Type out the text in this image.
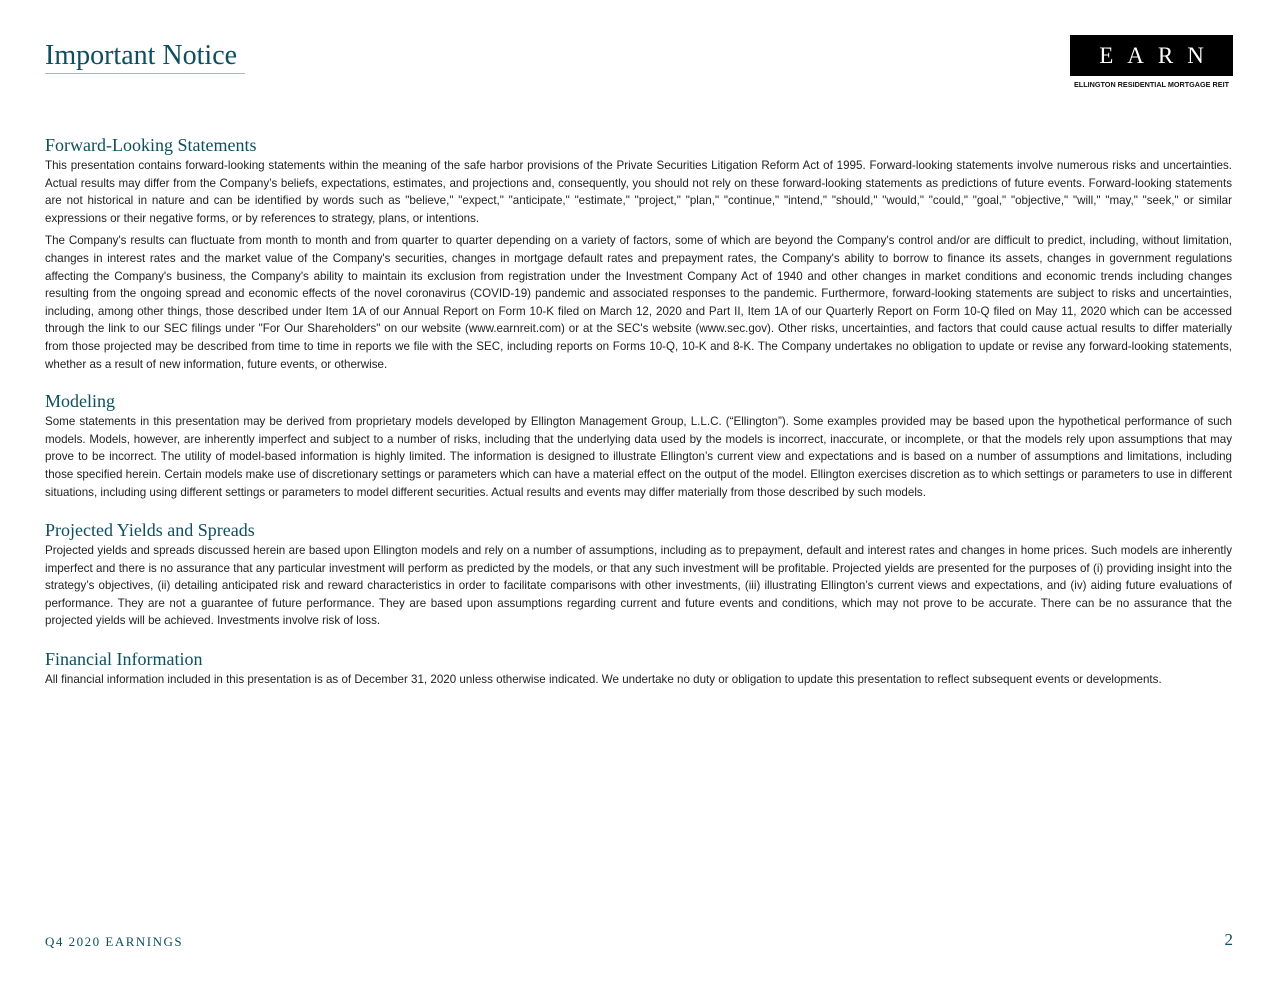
Important Notice	EARN
ELLINGTON RESIDENTIAL MORTGAGE REIT
Forward-Looking Statements

This presentation contains forward-looking statements within the meaning of the safe harbor provisions of the Private Securities Litigation Reform Act of 1995. Forward-looking statements involve numerous risks and uncertainties. Actual results may differ from the Company’s beliefs, expectations, estimates, and projections and, consequently, you should not rely on these forward-looking statements as predictions of future events. Forward-looking statements are not historical in nature and can be identified by words such as "believe," "expect," "anticipate," "estimate," "project," "plan," "continue," "intend," "should," "would," "could," "goal," "objective," "will," "may," "seek," or similar expressions or their negative forms, or by references to strategy, plans, or intentions.

The Company's results can fluctuate from month to month and from quarter to quarter depending on a variety of factors, some of which are beyond the Company's control and/or are difficult to predict, including, without limitation, changes in interest rates and the market value of the Company's securities, changes in mortgage default rates and prepayment rates, the Company's ability to borrow to finance its assets, changes in government regulations affecting the Company's business, the Company's ability to maintain its exclusion from registration under the Investment Company Act of 1940 and other changes in market conditions and economic trends including changes resulting from the ongoing spread and economic effects of the novel coronavirus (COVID-19) pandemic and associated responses to the pandemic. Furthermore, forward-looking statements are subject to risks and uncertainties, including, among other things, those described under Item 1A of our Annual Report on Form 10-K filed on March 12, 2020 and Part II, Item 1A of our Quarterly Report on Form 10-Q filed on May 11, 2020 which can be accessed through the link to our SEC filings under "For Our Shareholders" on our website (www.earnreit.com) or at the SEC's website (www.sec.gov). Other risks, uncertainties, and factors that could cause actual results to differ materially from those projected may be described from time to time in reports we file with the SEC, including reports on Forms 10-Q, 10-K and 8-K. The Company undertakes no obligation to update or revise any forward-looking statements, whether as a result of new information, future events, or otherwise.

Modeling

Some statements in this presentation may be derived from proprietary models developed by Ellington Management Group, L.L.C. (“Ellington”). Some examples provided may be based upon the hypothetical performance of such models. Models, however, are inherently imperfect and subject to a number of risks, including that the underlying data used by the models is incorrect, inaccurate, or incomplete, or that the models rely upon assumptions that may prove to be incorrect. The utility of model-based information is highly limited. The information is designed to illustrate Ellington’s current view and expectations and is based on a number of assumptions and limitations, including those specified herein. Certain models make use of discretionary settings or parameters which can have a material effect on the output of the model. Ellington exercises discretion as to which settings or parameters to use in different situations, including using different settings or parameters to model different securities. Actual results and events may differ materially from those described by such models.

Projected Yields and Spreads

Projected yields and spreads discussed herein are based upon Ellington models and rely on a number of assumptions, including as to prepayment, default and interest rates and changes in home prices. Such models are inherently imperfect and there is no assurance that any particular investment will perform as predicted by the models, or that any such investment will be profitable. Projected yields are presented for the purposes of (i) providing insight into the strategy’s objectives, (ii) detailing anticipated risk and reward characteristics in order to facilitate comparisons with other investments, (iii) illustrating Ellington’s current views and expectations, and (iv) aiding future evaluations of performance. They are not a guarantee of future performance. They are based upon assumptions regarding current and future events and conditions, which may not prove to be accurate. There can be no assurance that the projected yields will be achieved. Investments involve risk of loss.

Financial Information

All financial information included in this presentation is as of December 31, 2020 unless otherwise indicated. We undertake no duty or obligation to update this presentation to reflect subsequent events or developments.

Q4 2020 EARNINGS	2
